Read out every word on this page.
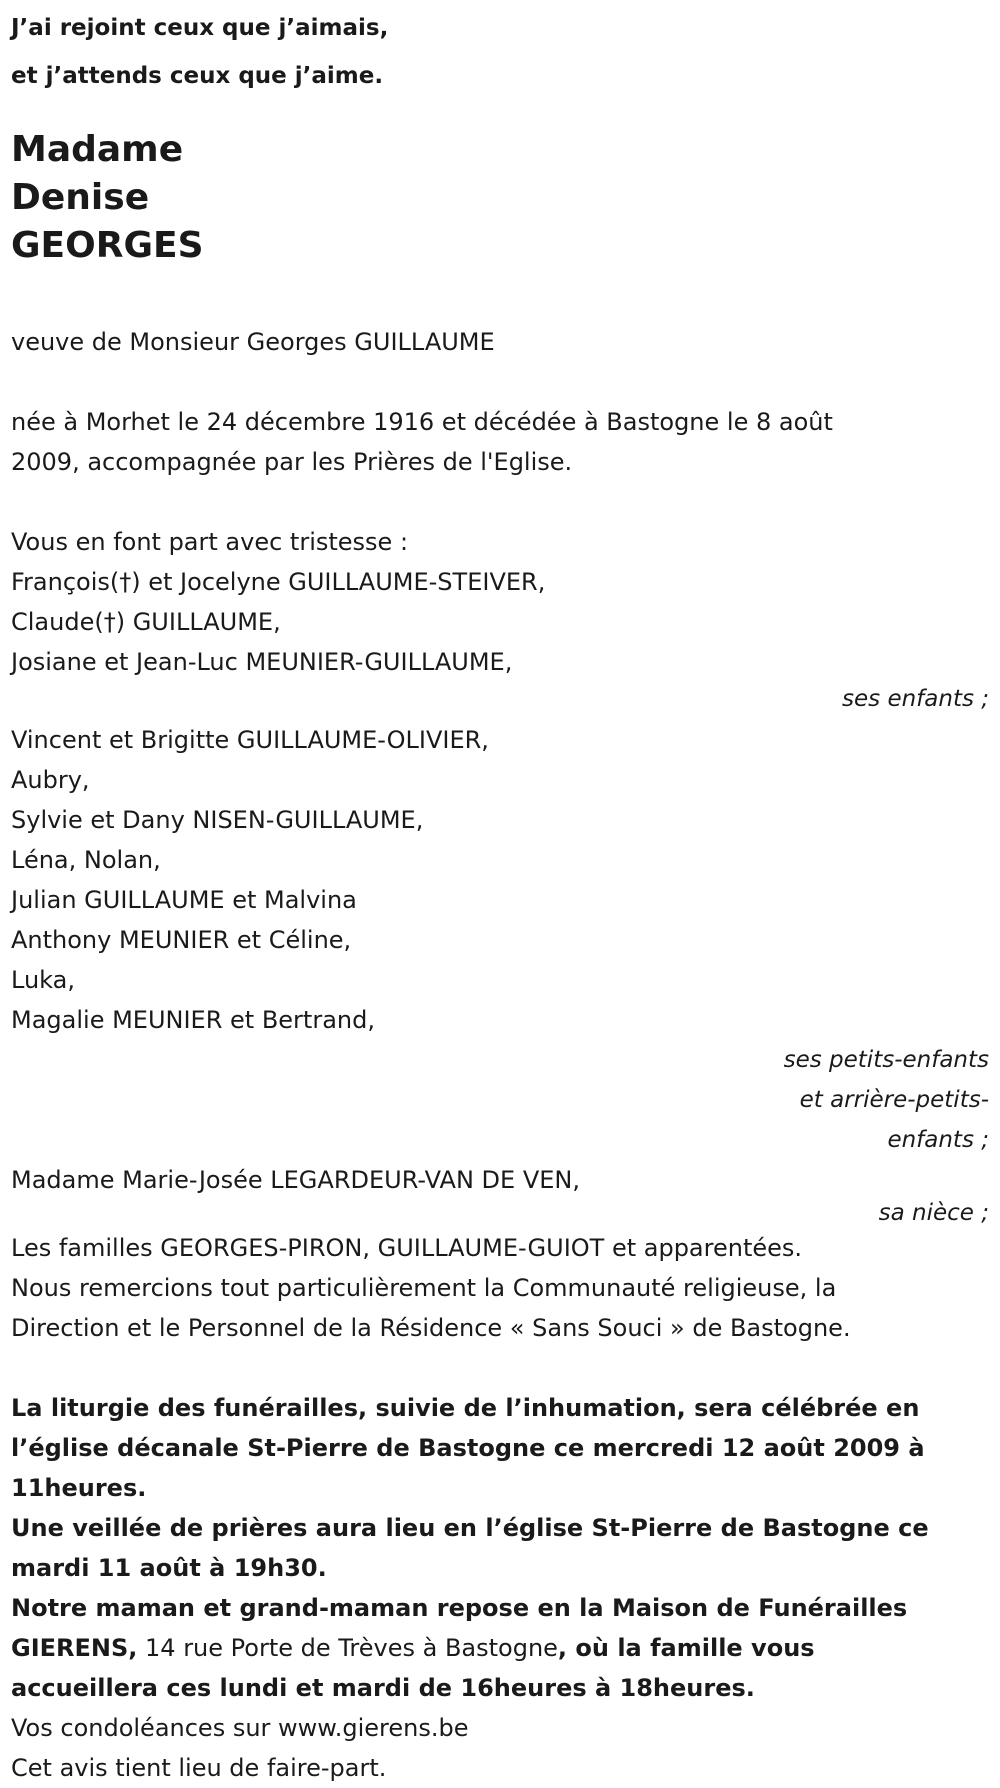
J’ai rejoint ceux que j’aimais,

et j’attends ceux que j’aime.

Madame
Denise
GEORGES

veuve de Monsieur Georges GUILLAUME

née à Morhet le 24 décembre 1916 et décédée à Bastogne le 8 août

2009, accompagnée par les Prières de l'Eglise.

Vous en font part avec tristesse :

François(†) et Jocelyne GUILLAUME-STEIVER,
Claude(†) GUILLAUME,
Josiane et Jean-Luc MEUNIER-GUILLAUME,

ses enfants ;

Vincent et Brigitte GUILLAUME-OLIVIER,
Aubry,
Sylvie et Dany NISEN-GUILLAUME,
Léna, Nolan,
Julian GUILLAUME et Malvina
Anthony MEUNIER et Céline,
Luka,
Magalie MEUNIER et Bertrand,
ses petits-enfants
et arrière-petits-
enfants ;

Madame Marie-Josée LEGARDEUR-VAN DE VEN,

sa nièce ;

Les familles GEORGES-PIRON, GUILLAUME-GUIOT et apparentées.

Nous remercions tout particulièrement la Communauté religieuse, la

Direction et le Personnel de la Résidence « Sans Souci » de Bastogne.

La liturgie des funérailles, suivie de l’inhumation, sera célébrée en

l’église décanale St-Pierre de Bastogne ce mercredi 12 août 2009 à

11heures.

Une veillée de prières aura lieu en l’église St-Pierre de Bastogne ce

mardi 11 août à 19h30.

Notre maman et grand-maman repose en la Maison de Funérailles

GIERENS, 14 rue Porte de Trèves à Bastogne, où la famille vous

accueillera ces lundi et mardi de 16heures à 18heures.

Vos condoléances sur www.gierens.be

Cet avis tient lieu de faire-part.
